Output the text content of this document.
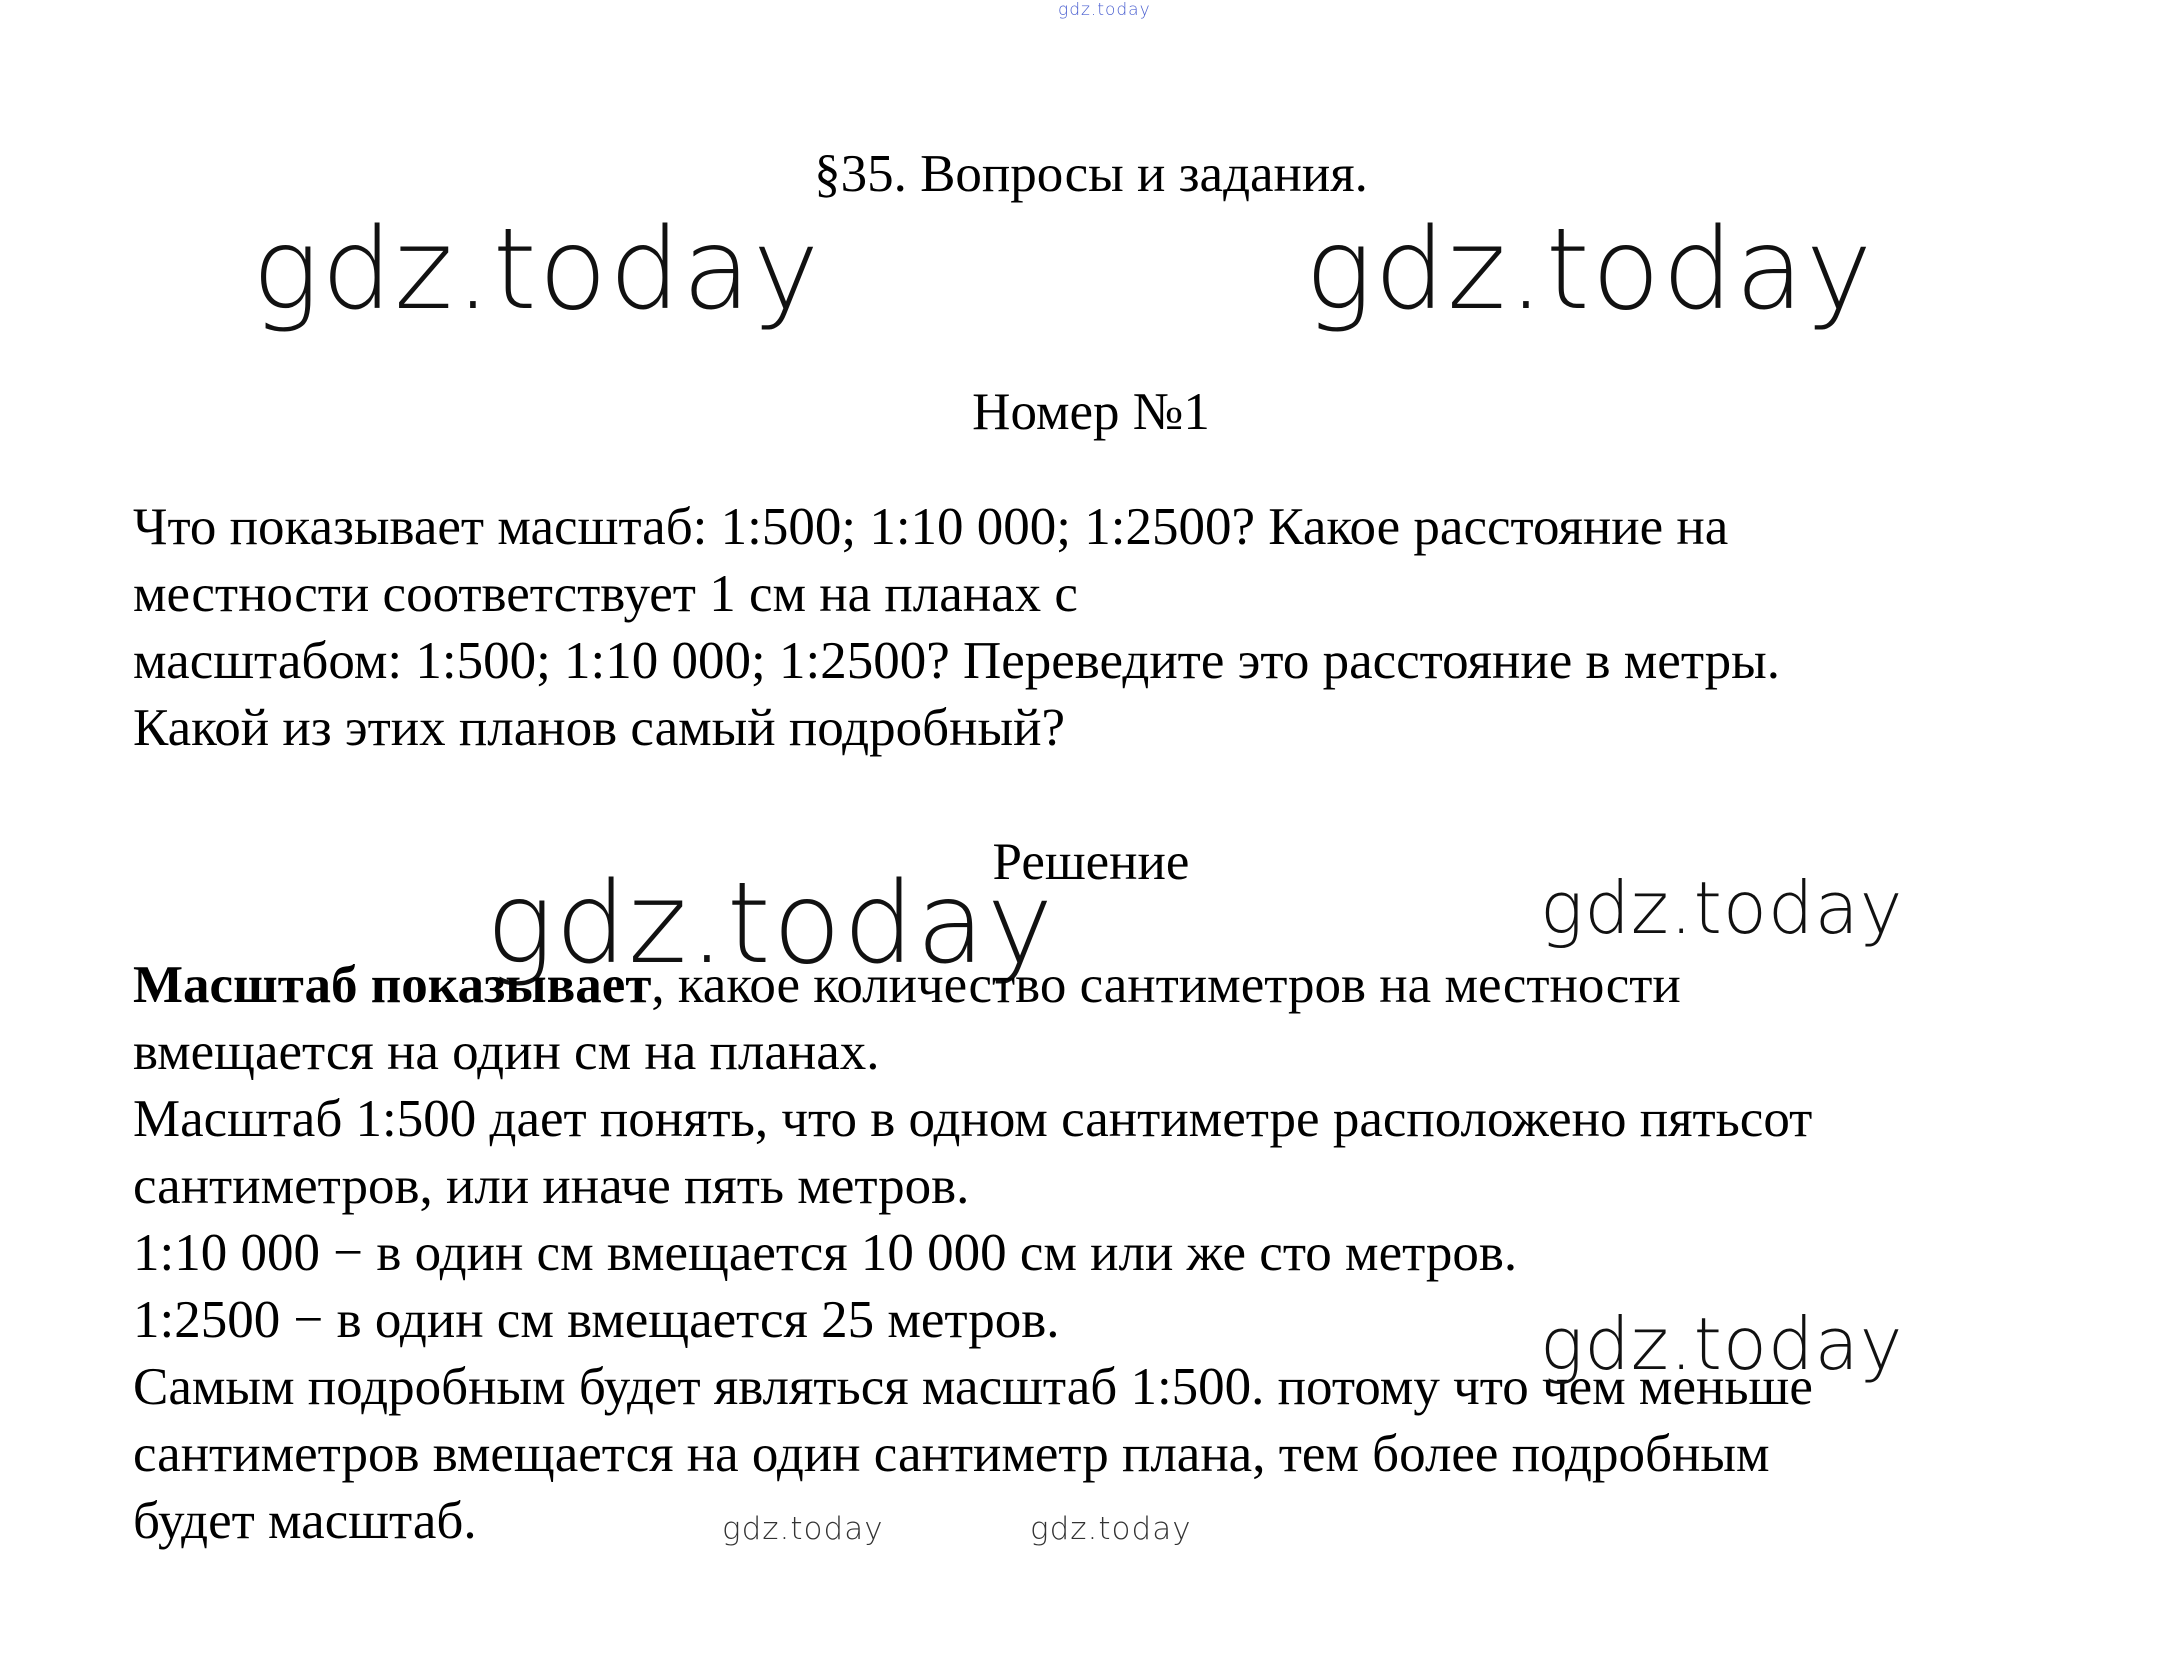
gdz.today
§35. Вопросы и задания.
gdz.today	gdz.today
Номер №1
Что показывает масштаб: 1:500; 1:10 000; 1:2500? Какое расстояние на
местности соответствует 1 см на планах с
масштабом: 1:500; 1:10 000; 1:2500? Переведите это расстояние в метры.
Какой из этих планов самый подробный?
Решение
gdz.today	gdz.today
Масштаб показывает, какое количество сантиметров на местности
вмещается на один см на планах.
Масштаб 1:500 дает понять, что в одном сантиметре расположено пятьсот
сантиметров, или иначе пять метров.
1:10 000 − в один см вмещается 10 000 см или же сто метров.
1:2500 − в один см вмещается 25 метров.
Самым подробным будет являться масштаб 1:500. потому что чем меньше
сантиметров вмещается на один сантиметр плана, тем более подробным
будет масштаб.
gdz.today
gdz.today	gdz.today
